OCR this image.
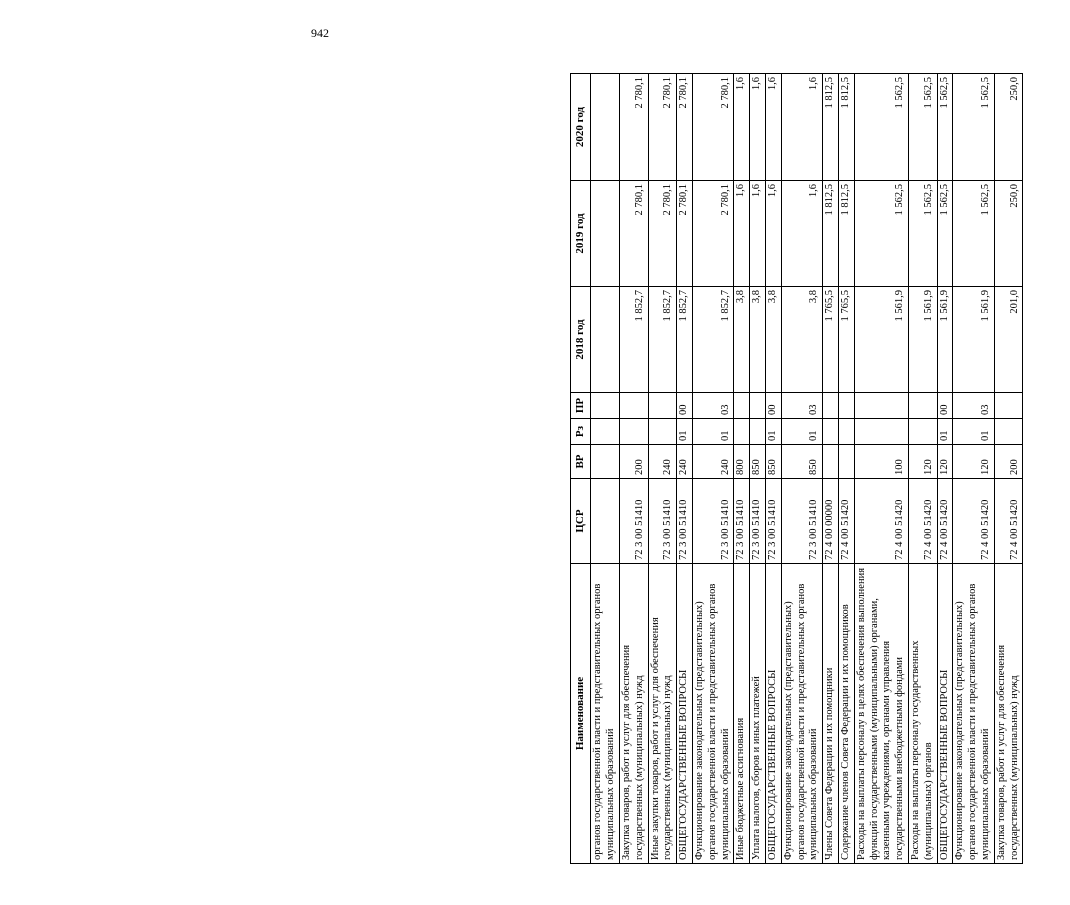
942
Наименование	ЦСР	ВР	Рз	ПР	2018 год	2019 год	2020 год
органов государственной власти и представительных органов муниципальных образований							
Закупка товаров, работ и услуг для обеспечения государственных (муниципальных) нужд	72 3 00 51410	200			1 852,7	2 780,1	2 780,1
Иные закупки товаров, работ и услуг для обеспечения государственных (муниципальных) нужд	72 3 00 51410	240			1 852,7	2 780,1	2 780,1
ОБЩЕГОСУДАРСТВЕННЫЕ ВОПРОСЫ	72 3 00 51410	240	01	00	1 852,7	2 780,1	2 780,1
Функционирование законодательных (представительных) органов государственной власти и представительных органов муниципальных образований	72 3 00 51410	240	01	03	1 852,7	2 780,1	2 780,1
Иные бюджетные ассигнования	72 3 00 51410	800			3,8	1,6	1,6
Уплата налогов, сборов и иных платежей	72 3 00 51410	850			3,8	1,6	1,6
ОБЩЕГОСУДАРСТВЕННЫЕ ВОПРОСЫ	72 3 00 51410	850	01	00	3,8	1,6	1,6
Функционирование законодательных (представительных) органов государственной власти и представительных органов муниципальных образований	72 3 00 51410	850	01	03	3,8	1,6	1,6
Члены Совета Федерации и их помощники	72 4 00 00000				1 765,5	1 812,5	1 812,5
Содержание членов Совета Федерации и их помощников	72 4 00 51420				1 765,5	1 812,5	1 812,5
Расходы на выплаты персоналу в целях обеспечения выполнения функций государственными (муниципальными) органами, казенными учреждениями, органами управления государственными внебюджетными фондами	72 4 00 51420	100			1 561,9	1 562,5	1 562,5
Расходы на выплаты персоналу государственных (муниципальных) органов	72 4 00 51420	120			1 561,9	1 562,5	1 562,5
ОБЩЕГОСУДАРСТВЕННЫЕ ВОПРОСЫ	72 4 00 51420	120	01	00	1 561,9	1 562,5	1 562,5
Функционирование законодательных (представительных) органов государственной власти и представительных органов муниципальных образований	72 4 00 51420	120	01	03	1 561,9	1 562,5	1 562,5
Закупка товаров, работ и услуг для обеспечения государственных (муниципальных) нужд	72 4 00 51420	200			201,0	250,0	250,0
